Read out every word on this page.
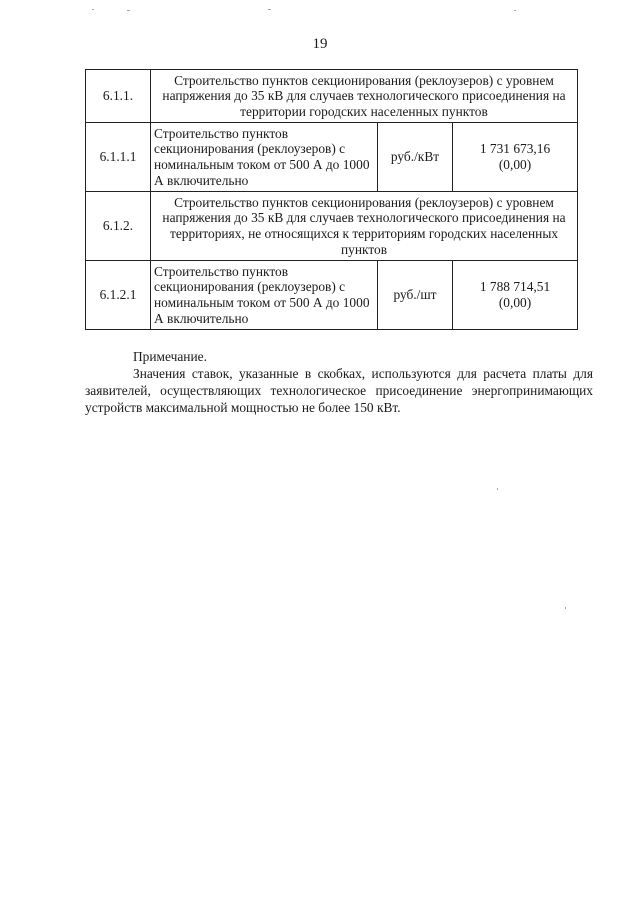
19
6.1.1.	Строительство пунктов секционирования (реклоузеров) с уровнем напряжения до 35 кВ для случаев технологического присоединения на территории городских населенных пунктов		
6.1.1.1	Строительство пунктов секционирования (реклоузеров) с номинальным током от 500 А до 1000 А включительно	руб./кВт	1 731 673,16
(0,00)

6.1.2.	Строительство пунктов секционирования (реклоузеров) с уровнем напряжения до 35 кВ для случаев технологического присоединения на территориях, не относящихся к территориям городских населенных пунктов		
6.1.2.1	Строительство пунктов секционирования (реклоузеров) с номинальным током от 500 А до 1000 А включительно	руб./шт	1 788 714,51
(0,00)
Примечание.

Значения ставок, указанные в скобках, используются для расчета платы для заявителей, осуществляющих технологическое присоединение энергопринимающих устройств максимальной мощностью не более 150 кВт.
